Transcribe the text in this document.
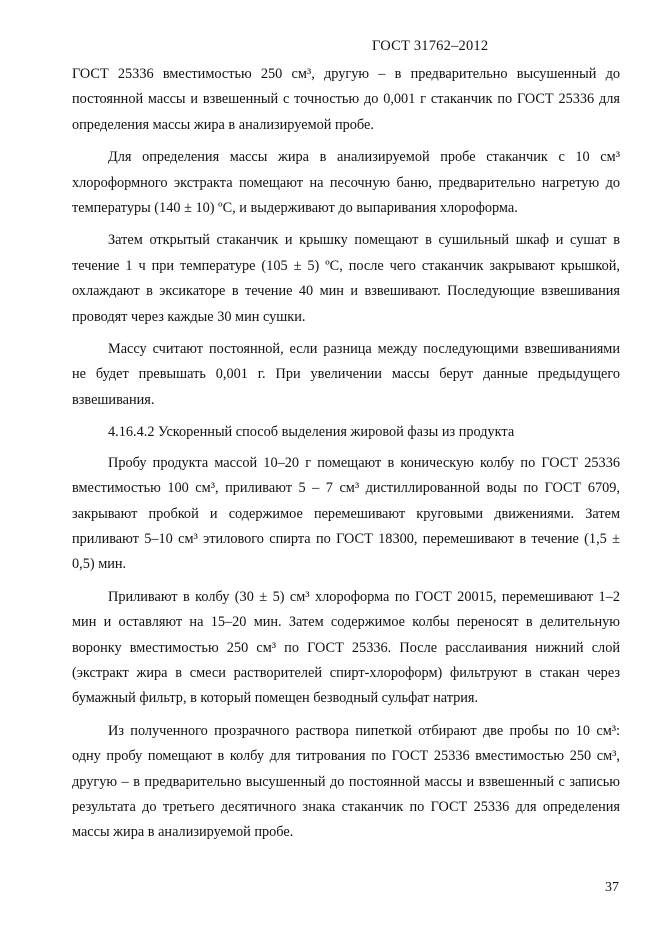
ГОСТ 31762–2012

ГОСТ 25336 вместимостью 250 см³, другую – в предварительно высушенный до постоянной массы и взвешенный с точностью до 0,001 г стаканчик по ГОСТ 25336 для определения массы жира в анализируемой пробе.

Для определения массы жира в анализируемой пробе стаканчик с 10 см³ хлороформного экстракта помещают на песочную баню, предварительно нагретую до температуры (140 ± 10) ºС, и выдерживают до выпаривания хлороформа.

Затем открытый стаканчик и крышку помещают в сушильный шкаф и сушат в течение 1 ч при температуре (105 ± 5) ºС, после чего стаканчик закрывают крышкой, охлаждают в эксикаторе в течение 40 мин и взвешивают. Последующие взвешивания проводят через каждые 30 мин сушки.

Массу считают постоянной, если разница между последующими взвешиваниями не будет превышать 0,001 г. При увеличении массы берут данные предыдущего взвешивания.

4.16.4.2 Ускоренный способ выделения жировой фазы из продукта

Пробу продукта массой 10–20 г помещают в коническую колбу по ГОСТ 25336 вместимостью 100 см³, приливают 5 – 7 см³ дистиллированной воды по ГОСТ 6709, закрывают пробкой и содержимое перемешивают круговыми движениями. Затем приливают 5–10 см³ этилового спирта по ГОСТ 18300, перемешивают в течение (1,5 ± 0,5) мин.

Приливают в колбу (30 ± 5) см³ хлороформа по ГОСТ 20015, перемешивают 1–2 мин и оставляют на 15–20 мин. Затем содержимое колбы переносят в делительную воронку вместимостью 250 см³ по ГОСТ 25336. После расслаивания нижний слой (экстракт жира в смеси растворителей спирт-хлороформ) фильтруют в стакан через бумажный фильтр, в который помещен безводный сульфат натрия.

Из полученного прозрачного раствора пипеткой отбирают две пробы по 10 см³: одну пробу помещают в колбу для титрования по ГОСТ 25336 вместимостью 250 см³, другую – в предварительно высушенный до постоянной массы и взвешенный с записью результата до третьего десятичного знака стаканчик по ГОСТ 25336 для определения массы жира в анализируемой пробе.

37
